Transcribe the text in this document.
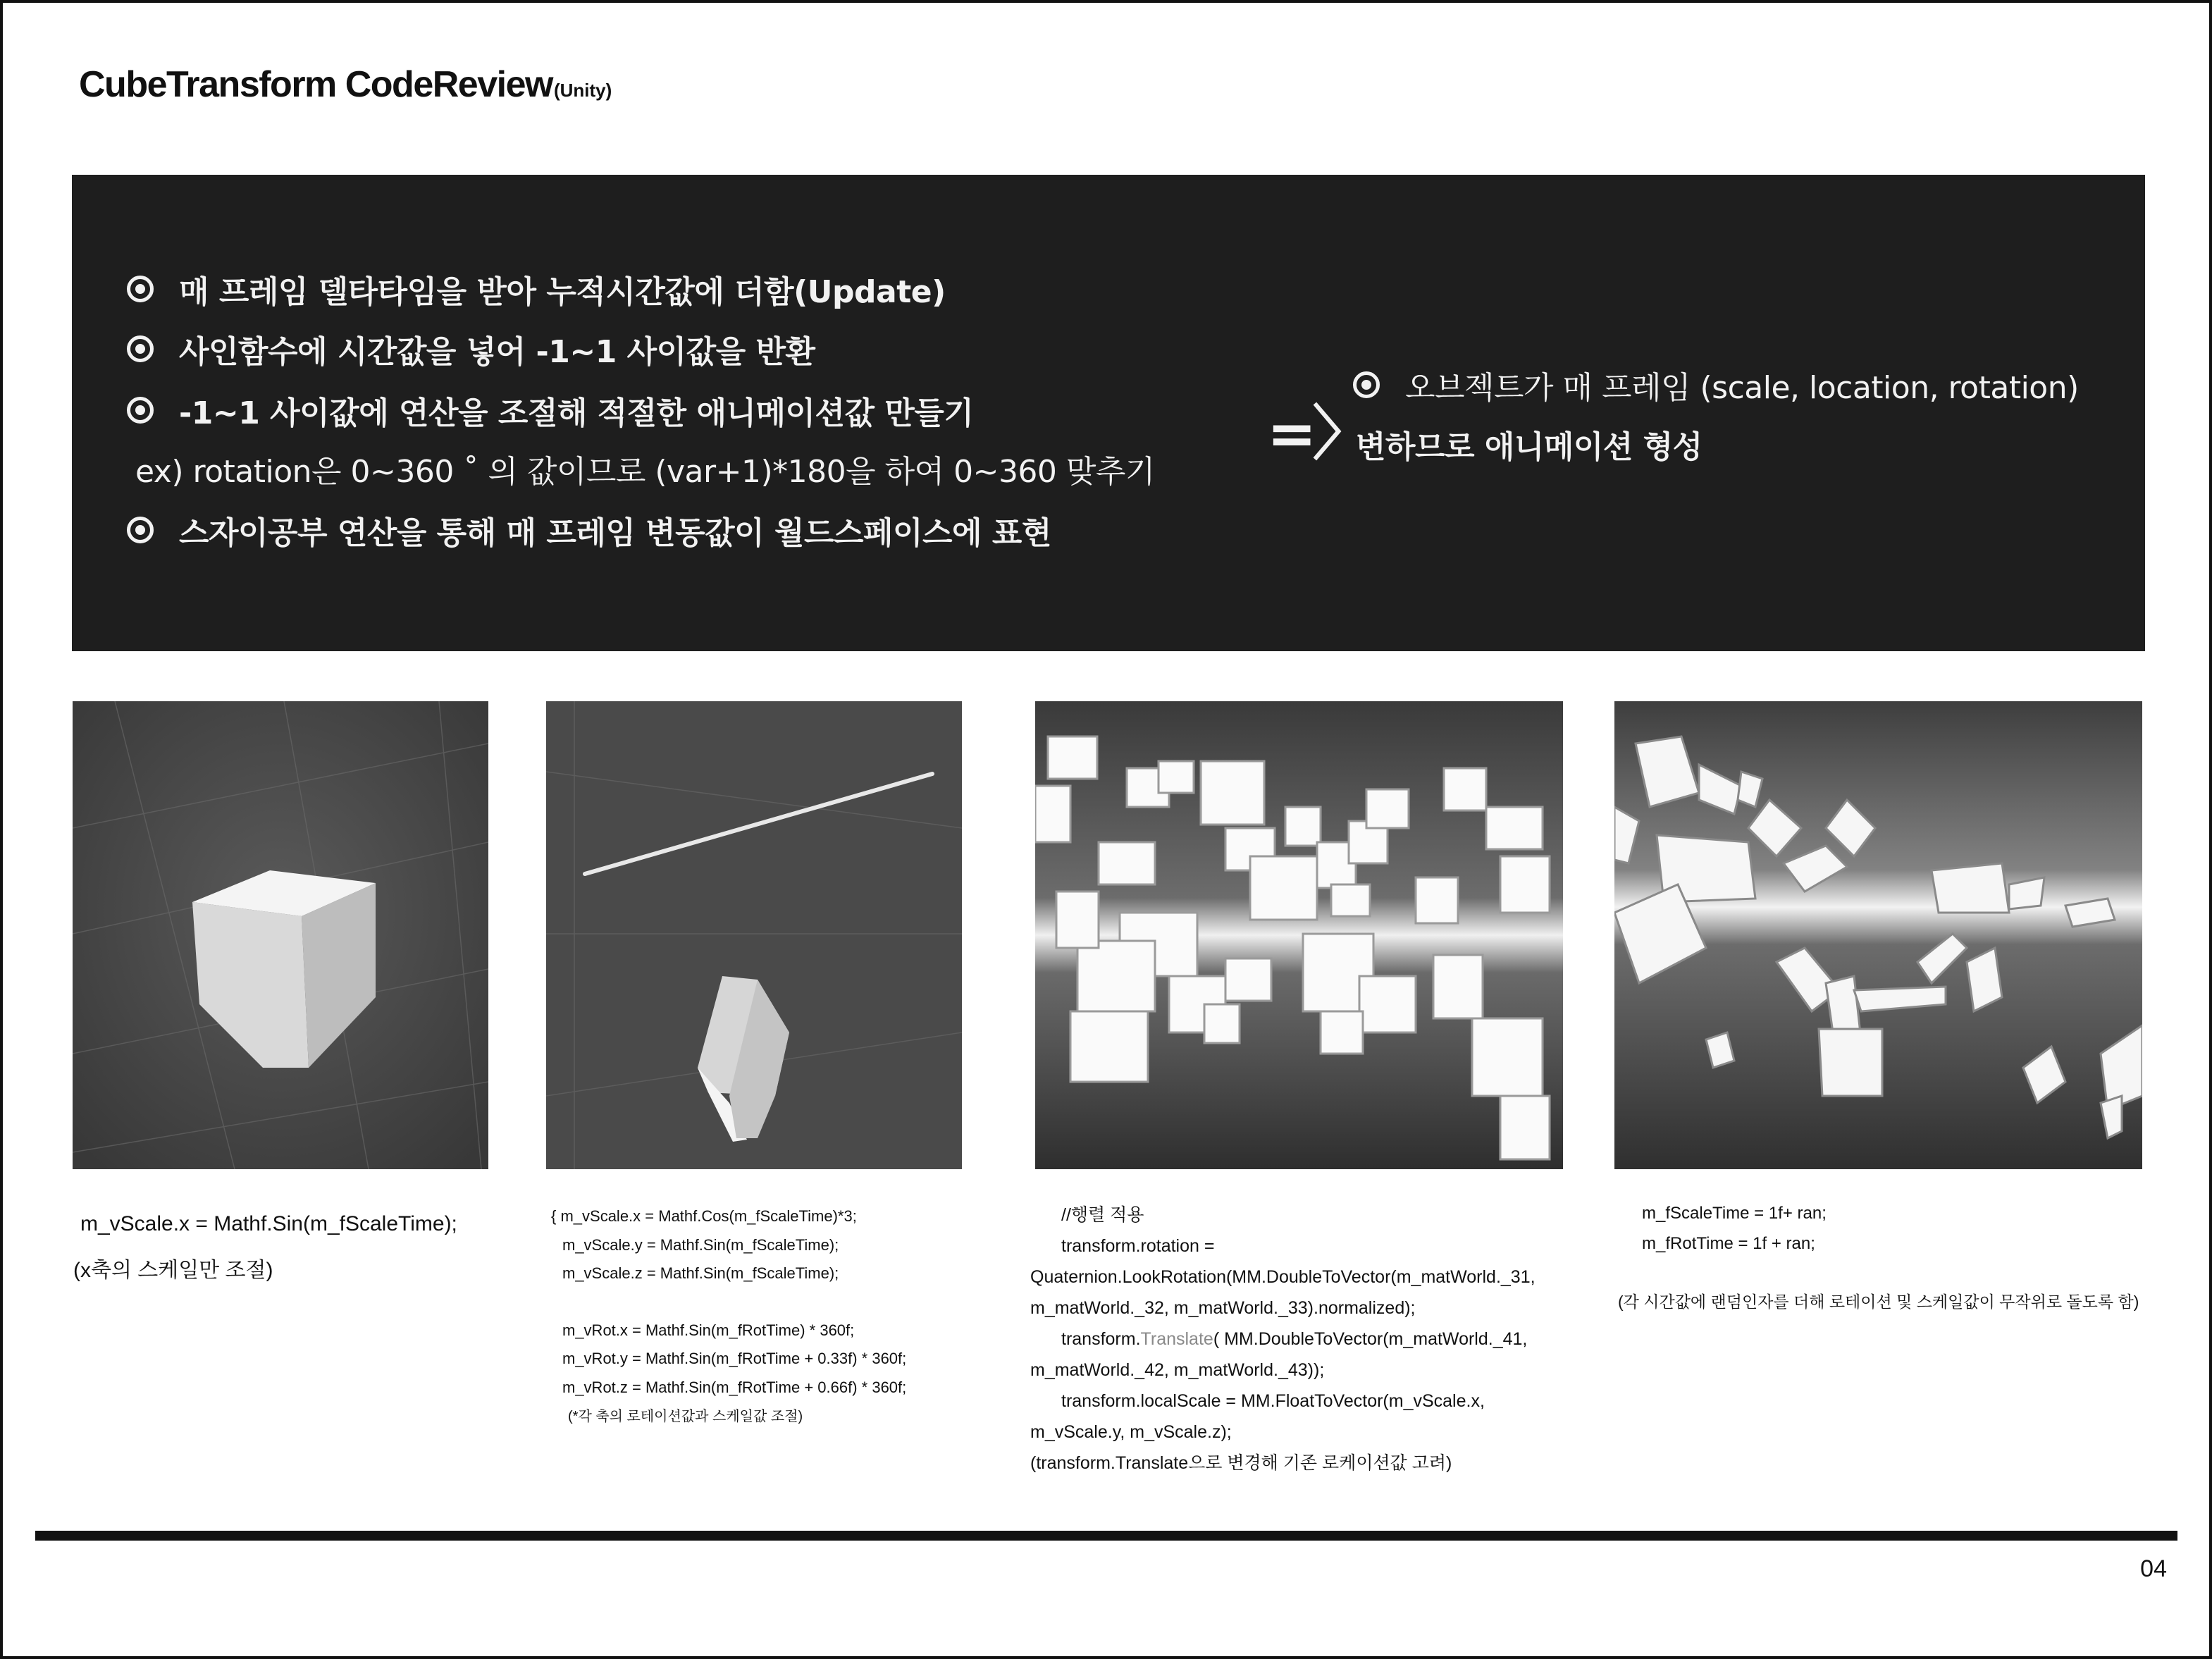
CubeTransform CodeReview(Unity)
매 프레임 델타타임을 받아 누적시간값에 더함(Update)
사인함수에 시간값을 넣어 -1~1 사이값을 반환
-1~1 사이값에 연산을 조절해 적절한 애니메이션값 만들기
ex) rotation은 0~360 ˚ 의 값이므로 (var+1)*180을 하여 0~360 맞추기
스자이공부 연산을 통해 매 프레임 변동값이 월드스페이스에 표현
=〉
오브젝트가 매 프레임 (scale, location, rotation)
변하므로 애니메이션 형성
m_vScale.x = Mathf.Sin(m_fScaleTime);
(x축의 스케일만 조절)
{ m_vScale.x = Mathf.Cos(m_fScaleTime)*3;
m_vScale.y = Mathf.Sin(m_fScaleTime);
m_vScale.z = Mathf.Sin(m_fScaleTime);
m_vRot.x = Mathf.Sin(m_fRotTime) * 360f;
m_vRot.y = Mathf.Sin(m_fRotTime + 0.33f) * 360f;
m_vRot.z = Mathf.Sin(m_fRotTime + 0.66f) * 360f;
(*각 축의 로테이션값과 스케일값 조절)
//행렬 적용
transform.rotation =
Quaternion.LookRotation(MM.DoubleToVector(m_matWorld._31,
m_matWorld._32, m_matWorld._33).normalized);
transform.Translate( MM.DoubleToVector(m_matWorld._41,
m_matWorld._42, m_matWorld._43));
transform.localScale = MM.FloatToVector(m_vScale.x,
m_vScale.y, m_vScale.z);
(transform.Translate으로 변경해 기존 로케이션값 고려)
m_fScaleTime = 1f+ ran;
m_fRotTime = 1f + ran;
(각 시간값에 랜덤인자를 더해 로테이션 및 스케일값이 무작위로 돌도록 함)
04
